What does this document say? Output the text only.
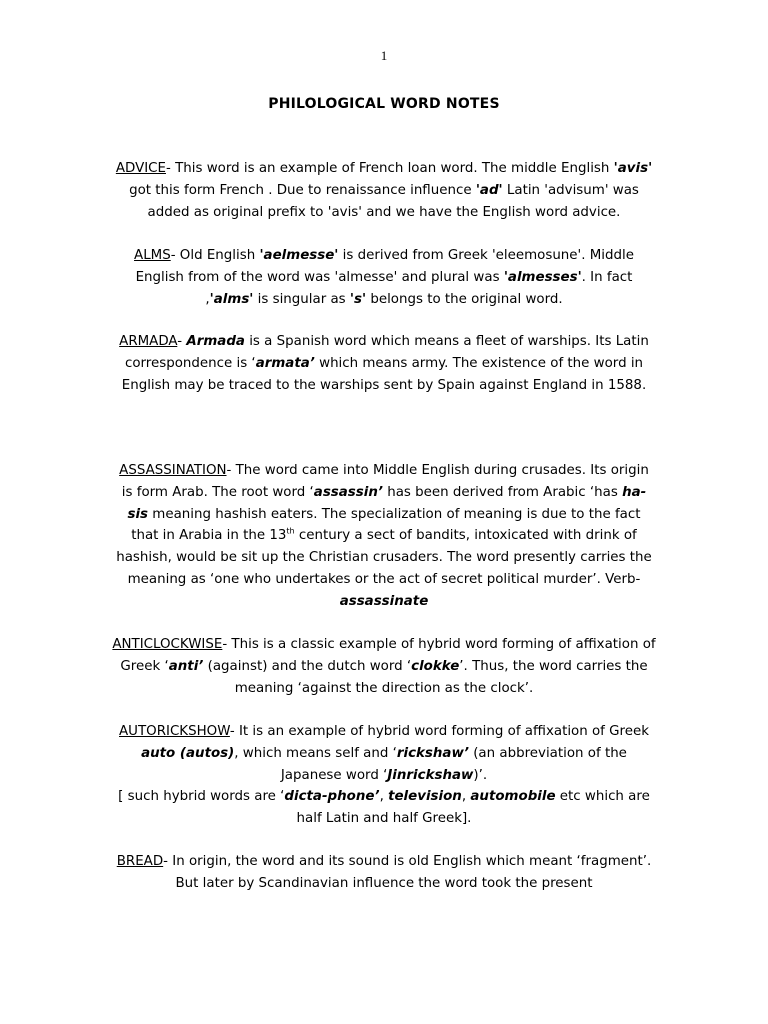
1
PHILOLOGICAL WORD NOTES
ADVICE- This word is an example of French loan word. The middle English 'avis' got this form French . Due to renaissance influence 'ad' Latin 'advisum' was added as original prefix to 'avis' and we have the English word advice.
ALMS- Old English 'aelmesse' is derived from Greek 'eleemosune'. Middle English from of the word was 'almesse' and plural was 'almesses'. In fact ,'alms' is singular as 's' belongs to the original word.
ARMADA- Armada is a Spanish word which means a fleet of warships. Its Latin correspondence is ‘armata’ which means army. The existence of the word in English may be traced to the warships sent by Spain against England in 1588.
ASSASSINATION- The word came into Middle English during crusades. Its origin is form Arab. The root word ‘assassin’ has been derived from Arabic ‘has ha-sis meaning hashish eaters. The specialization of meaning is due to the fact that in Arabia in the 13th century a sect of bandits, intoxicated with drink of hashish, would be sit up the Christian crusaders. The word presently carries the meaning as ‘one who undertakes or the act of secret political murder’. Verb- assassinate
ANTICLOCKWISE- This is a classic example of hybrid word forming of affixation of Greek ‘anti’ (against) and the dutch word ‘clokke’. Thus, the word carries the meaning ‘against the direction as the clock’.
AUTORICKSHOW- It is an example of hybrid word forming of affixation of Greek auto (autos), which means self and ‘rickshaw’ (an abbreviation of the Japanese word ‘Jinrickshaw)’.
[ such hybrid words are ‘dicta-phone’, television, automobile etc which are half Latin and half Greek].
BREAD- In origin, the word and its sound is old English which meant ‘fragment’. But later by Scandinavian influence the word took the present
